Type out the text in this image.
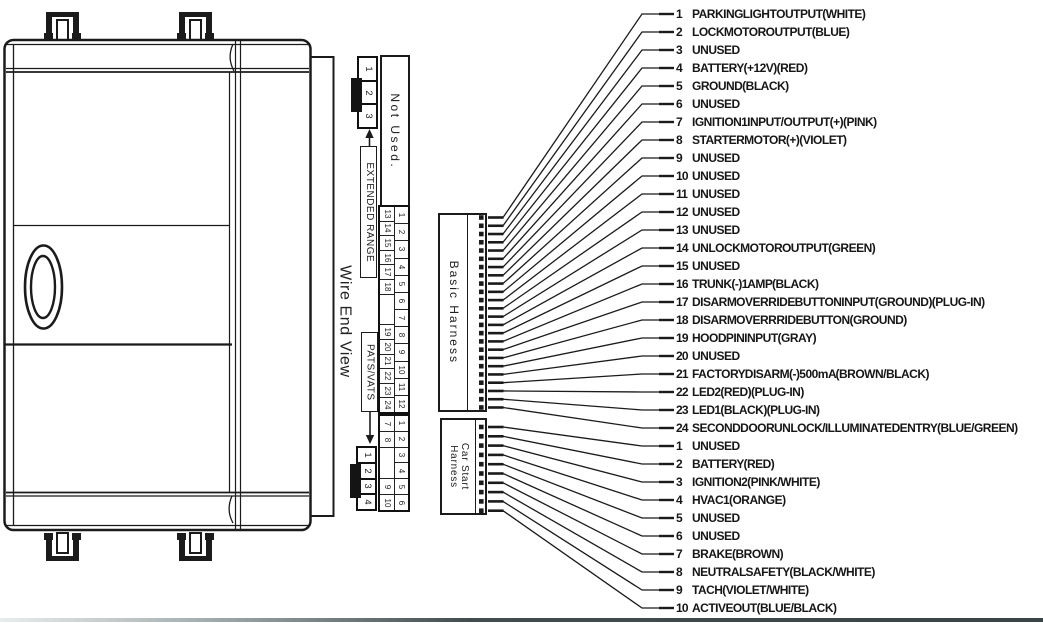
Wire End View
1
2
3 Not Used.
EXTENDED RANGE 13
14
15
16
17
18
19
20
21
22
23
24
1
2
3
4
5
6
7
8
9
10
11
12
7
8
9
10
1
2
3
4
5
6
PATS/VATS
1
2
3
4
Basic Harness
Car Start
Harness
1 PARKING LIGHT OUTPUT (WHITE)
2 LOCK MOTOR OUTPUT (BLUE)
3 UNUSED
4 BATTERY (+12V) (RED)
5 GROUND (BLACK)
6 UNUSED
7 IGNITION 1 INPUT/OUTPUT (+) (PINK)
8 STARTER MOTOR (+) (VIOLET)
9 UNUSED
10 UNUSED
11 UNUSED
12 UNUSED
13 UNUSED
14 UNLOCK MOTOR OUTPUT (GREEN)
15 UNUSED
16 TRUNK (-) 1 AMP (BLACK)
17 DISARM OVERRIDE BUTTON INPUT (GROUND) (PLUG-IN)
18 DISARM OVERRRIDE BUTTON (GROUND)
19 HOOD PIN INPUT (GRAY)
20 UNUSED
21 FACTORY DISARM (-) 500mA (BROWN/BLACK)
22 LED 2 (RED) (PLUG-IN)
23 LED 1 (BLACK) (PLUG-IN)
24 SECOND DOOR UNLOCK / ILLUMINATED ENTRY (BLUE/GREEN)
1 UNUSED
2 BATTERY (RED)
3 IGNITION 2 (PINK/WHITE)
4 HVAC 1 (ORANGE)
5 UNUSED
6 UNUSED
7 BRAKE (BROWN)
8 NEUTRAL SAFETY (BLACK/WHITE)
9 TACH (VIOLET/WHITE)
10 ACTIVE OUT (BLUE/BLACK)
